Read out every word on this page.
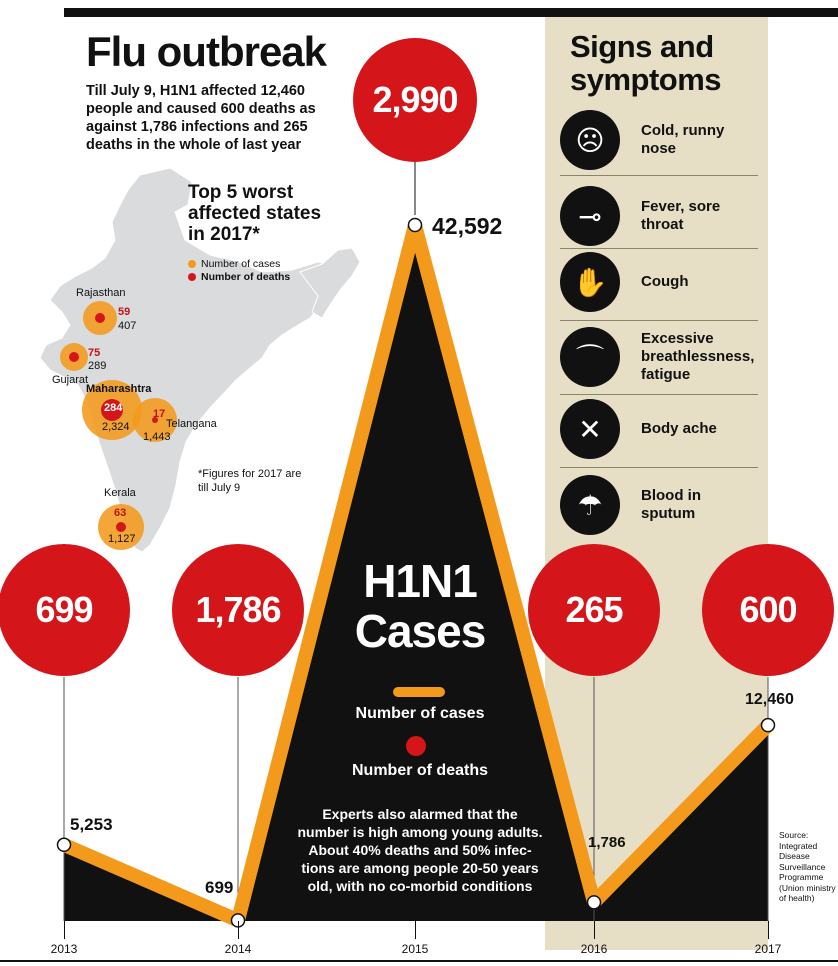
Flu outbreak
Till July 9, H1N1 affected 12,460 people and caused 600 deaths as against 1,786 infections and 265 deaths in the whole of last year
Top 5 worst affected states in 2017*
Number of cases
Number of deaths
*Figures for 2017 are till July 9
Rajasthan
59
407
Gujarat
75
289
Maharashtra
284
2,324	Telangana
17
1,443
Kerala
63
1,127
Signs and symptoms
☹	Cold, runny nose
⊸	Fever, sore throat
✋	Cough
⌒
Excessive breathlessness, fatigue
✕	Body ache
☂	Blood in sputum
H1N1 Cases
Number of cases
Number of deaths
Experts also alarmed that the number is high among young adults. About 40% deaths and 50% infec-tions are among people 20-50 years old, with no co-morbid conditions
Source: Integrated Disease Surveillance Programme (Union ministry of health)
5,253
699
42,592
1,786
12,460
699	1,786
2,990
265	600
2013	2014	2015	2016	2017
